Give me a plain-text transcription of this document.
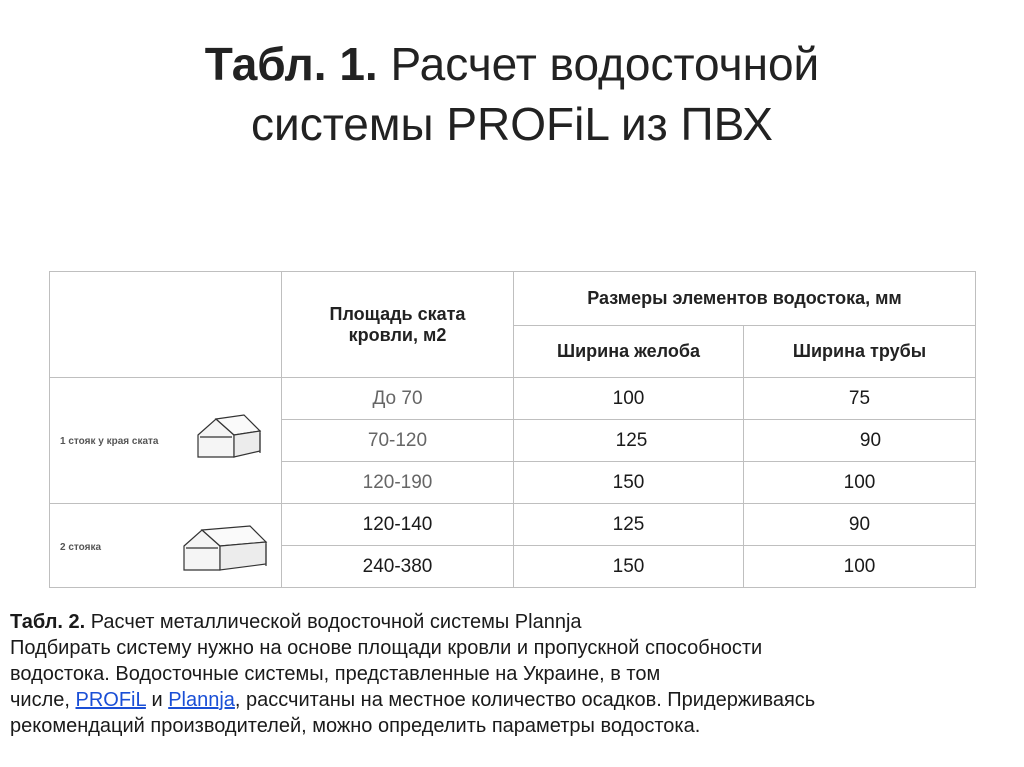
Табл. 1. Расчет водосточной
системы PROFiL из ПВХ
	Площадь ската кровли, м2	Размеры элементов водостока, мм	
		Ширина желоба	Ширина трубы

1 стояк у края ската	До 70	100	75
	70-120	125	90
	120-190	150	100

2 стояка	120-140	125	90
	240-380	150	100
Табл. 2. Расчет металлической водосточной системы Plannja
Подбирать систему нужно на основе площади кровли и пропускной способности
водостока. Водосточные системы, представленные на Украине, в том
числе, PROFiL и Plannja, рассчитаны на местное количество осадков. Придерживаясь
рекомендаций производителей, можно определить параметры водостока.
